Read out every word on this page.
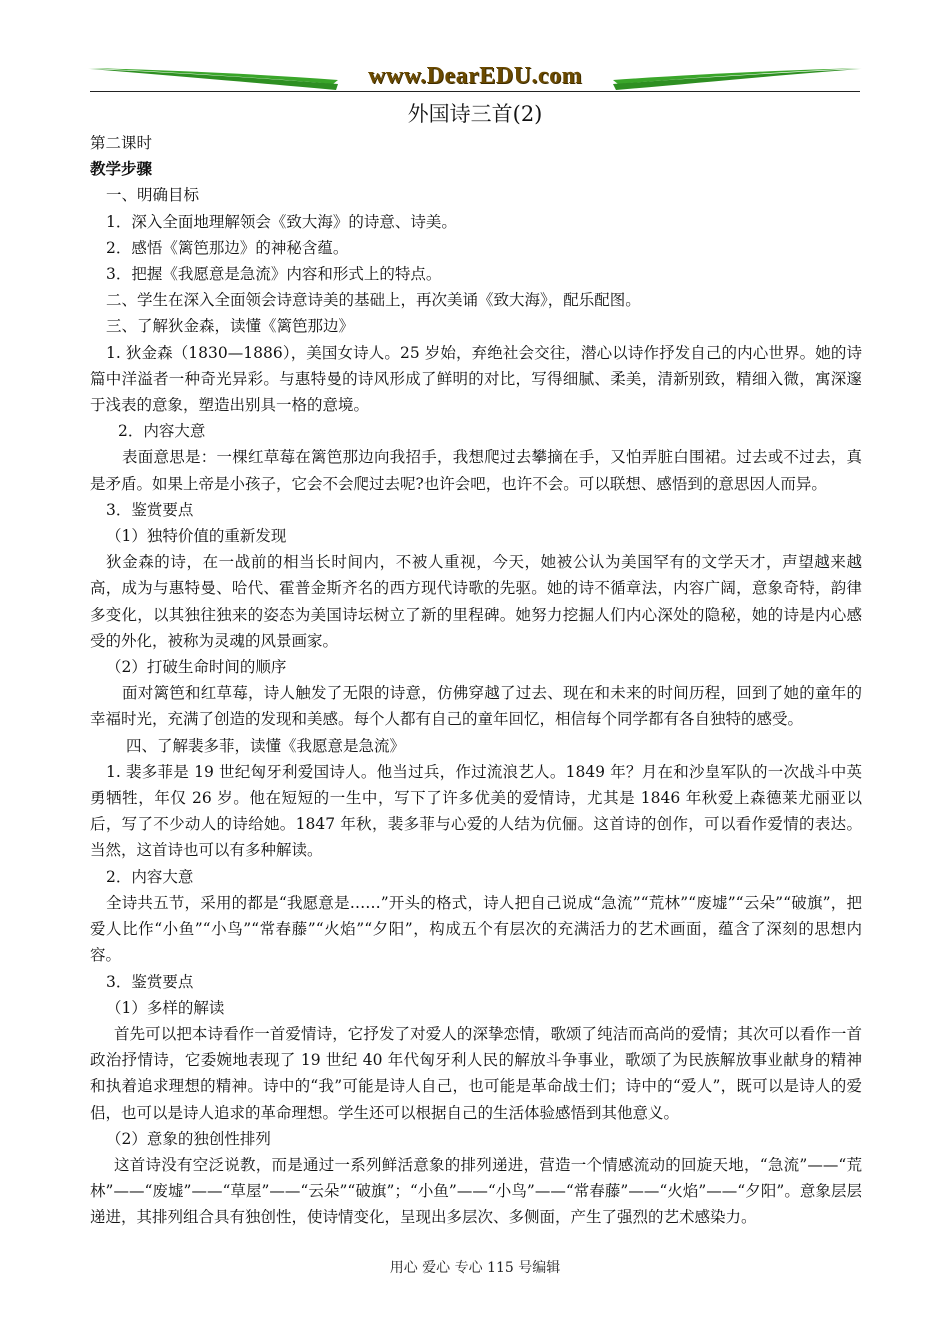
www.DearEDU.com
外国诗三首(2)
第二课时
教学步骤
一、明确目标
1．深入全面地理解领会《致大海》的诗意、诗美。
2．感悟《篱笆那边》的神秘含蕴。
3．把握《我愿意是急流》内容和形式上的特点。
二、学生在深入全面领会诗意诗美的基础上，再次美诵《致大海》，配乐配图。
三、了解狄金森，读懂《篱笆那边》
1. 狄金森（1830—1886），美国女诗人。25 岁始，弃绝社会交往，潜心以诗作抒发自己的内心世界。她的诗篇中洋溢者一种奇光异彩。与惠特曼的诗风形成了鲜明的对比，写得细腻、柔美，清新别致，精细入微，寓深邃于浅表的意象，塑造出别具一格的意境。
2．内容大意
表面意思是：一棵红草莓在篱笆那边向我招手，我想爬过去攀摘在手，又怕弄脏白围裙。过去或不过去，真是矛盾。如果上帝是小孩子，它会不会爬过去呢?也许会吧，也许不会。可以联想、感悟到的意思因人而异。
3．鉴赏要点
（1）独特价值的重新发现
狄金森的诗，在一战前的相当长时间内，不被人重视，今天，她被公认为美国罕有的文学天才，声望越来越高，成为与惠特曼、哈代、霍普金斯齐名的西方现代诗歌的先驱。她的诗不循章法，内容广阔，意象奇特，韵律多变化，以其独往独来的姿态为美国诗坛树立了新的里程碑。她努力挖掘人们内心深处的隐秘，她的诗是内心感受的外化，被称为灵魂的风景画家。
（2）打破生命时间的顺序
面对篱笆和红草莓，诗人触发了无限的诗意，仿佛穿越了过去、现在和未来的时间历程，回到了她的童年的幸福时光，充满了创造的发现和美感。每个人都有自己的童年回忆，相信每个同学都有各自独特的感受。
四、了解裴多菲，读懂《我愿意是急流》
1. 裴多菲是 19 世纪匈牙利爱国诗人。他当过兵，作过流浪艺人。1849 年？月在和沙皇军队的一次战斗中英勇牺牲，年仅 26 岁。他在短短的一生中，写下了许多优美的爱情诗，尤其是 1846 年秋爱上森德莱尤丽亚以后，写了不少动人的诗给她。1847 年秋，裴多菲与心爱的人结为伉俪。这首诗的创作，可以看作爱情的表达。当然，这首诗也可以有多种解读。
2．内容大意
全诗共五节，采用的都是“我愿意是……”开头的格式，诗人把自己说成“急流”“荒林”“废墟”“云朵”“破旗”，把爱人比作“小鱼”“小鸟”“常春藤”“火焰”“夕阳”，构成五个有层次的充满活力的艺术画面，蕴含了深刻的思想内容。
3．鉴赏要点
（1）多样的解读
首先可以把本诗看作一首爱情诗，它抒发了对爱人的深挚恋情，歌颂了纯洁而高尚的爱情；其次可以看作一首政治抒情诗，它委婉地表现了 19 世纪 40 年代匈牙利人民的解放斗争事业，歌颂了为民族解放事业献身的精神和执着追求理想的精神。诗中的“我”可能是诗人自己，也可能是革命战士们；诗中的“爱人”，既可以是诗人的爱侣，也可以是诗人追求的革命理想。学生还可以根据自己的生活体验感悟到其他意义。
（2）意象的独创性排列
这首诗没有空泛说教，而是通过一系列鲜活意象的排列递进，营造一个情感流动的回旋天地，“急流”——“荒林”——“废墟”——“草屋”——“云朵”“破旗”；“小鱼”——“小鸟”——“常春藤”——“火焰”——“夕阳”。意象层层递进，其排列组合具有独创性，使诗情变化，呈现出多层次、多侧面，产生了强烈的艺术感染力。
用心 爱心 专心 115 号编辑
